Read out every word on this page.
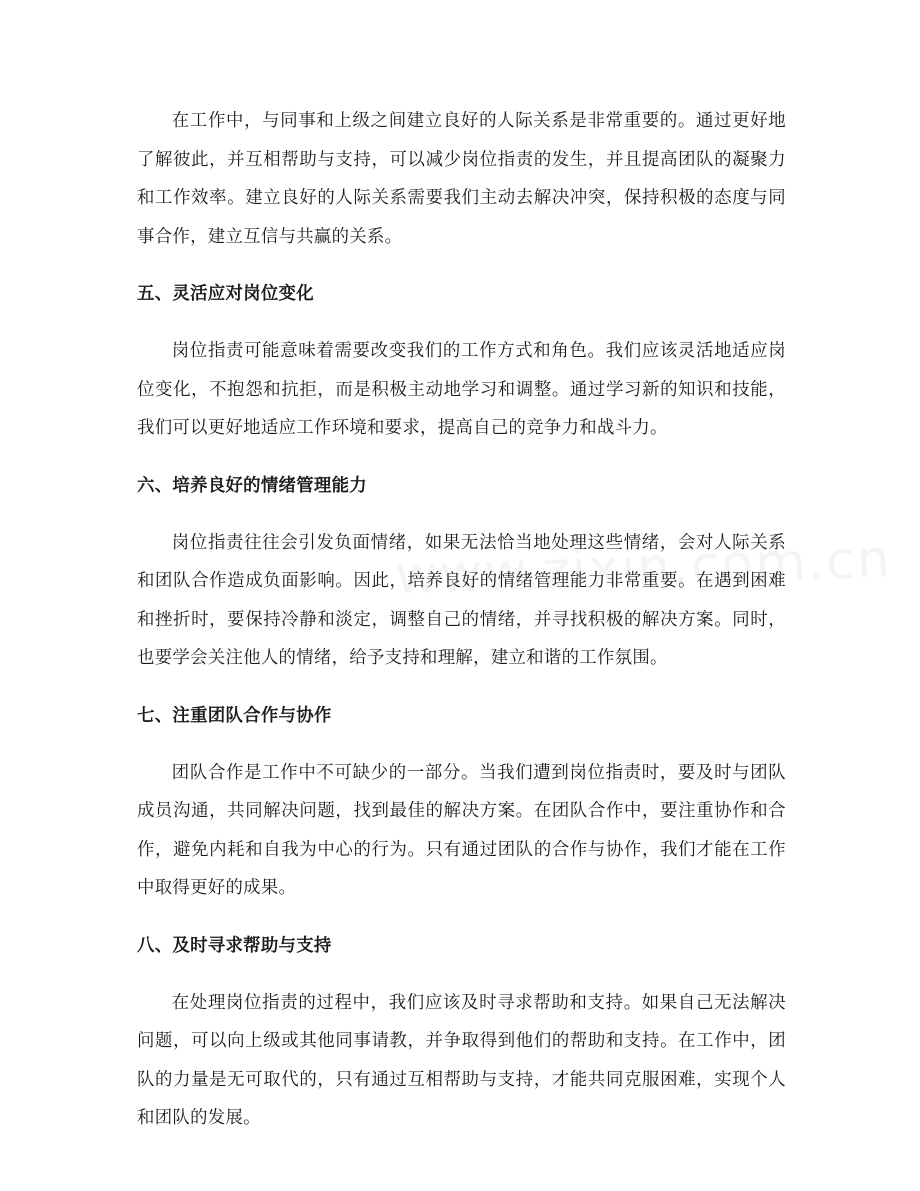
在工作中，与同事和上级之间建立良好的人际关系是非常重要的。通过更好地了解彼此，并互相帮助与支持，可以减少岗位指责的发生，并且提高团队的凝聚力和工作效率。建立良好的人际关系需要我们主动去解决冲突，保持积极的态度与同事合作，建立互信与共赢的关系。

五、灵活应对岗位变化

岗位指责可能意味着需要改变我们的工作方式和角色。我们应该灵活地适应岗位变化，不抱怨和抗拒，而是积极主动地学习和调整。通过学习新的知识和技能，我们可以更好地适应工作环境和要求，提高自己的竞争力和战斗力。

六、培养良好的情绪管理能力

岗位指责往往会引发负面情绪，如果无法恰当地处理这些情绪，会对人际关系和团队合作造成负面影响。因此，培养良好的情绪管理能力非常重要。在遇到困难和挫折时，要保持冷静和淡定，调整自己的情绪，并寻找积极的解决方案。同时，也要学会关注他人的情绪，给予支持和理解，建立和谐的工作氛围。

七、注重团队合作与协作

团队合作是工作中不可缺少的一部分。当我们遭到岗位指责时，要及时与团队成员沟通，共同解决问题，找到最佳的解决方案。在团队合作中，要注重协作和合作，避免内耗和自我为中心的行为。只有通过团队的合作与协作，我们才能在工作中取得更好的成果。

八、及时寻求帮助与支持

在处理岗位指责的过程中，我们应该及时寻求帮助和支持。如果自己无法解决问题，可以向上级或其他同事请教，并争取得到他们的帮助和支持。在工作中，团队的力量是无可取代的，只有通过互相帮助与支持，才能共同克服困难，实现个人和团队的发展。
